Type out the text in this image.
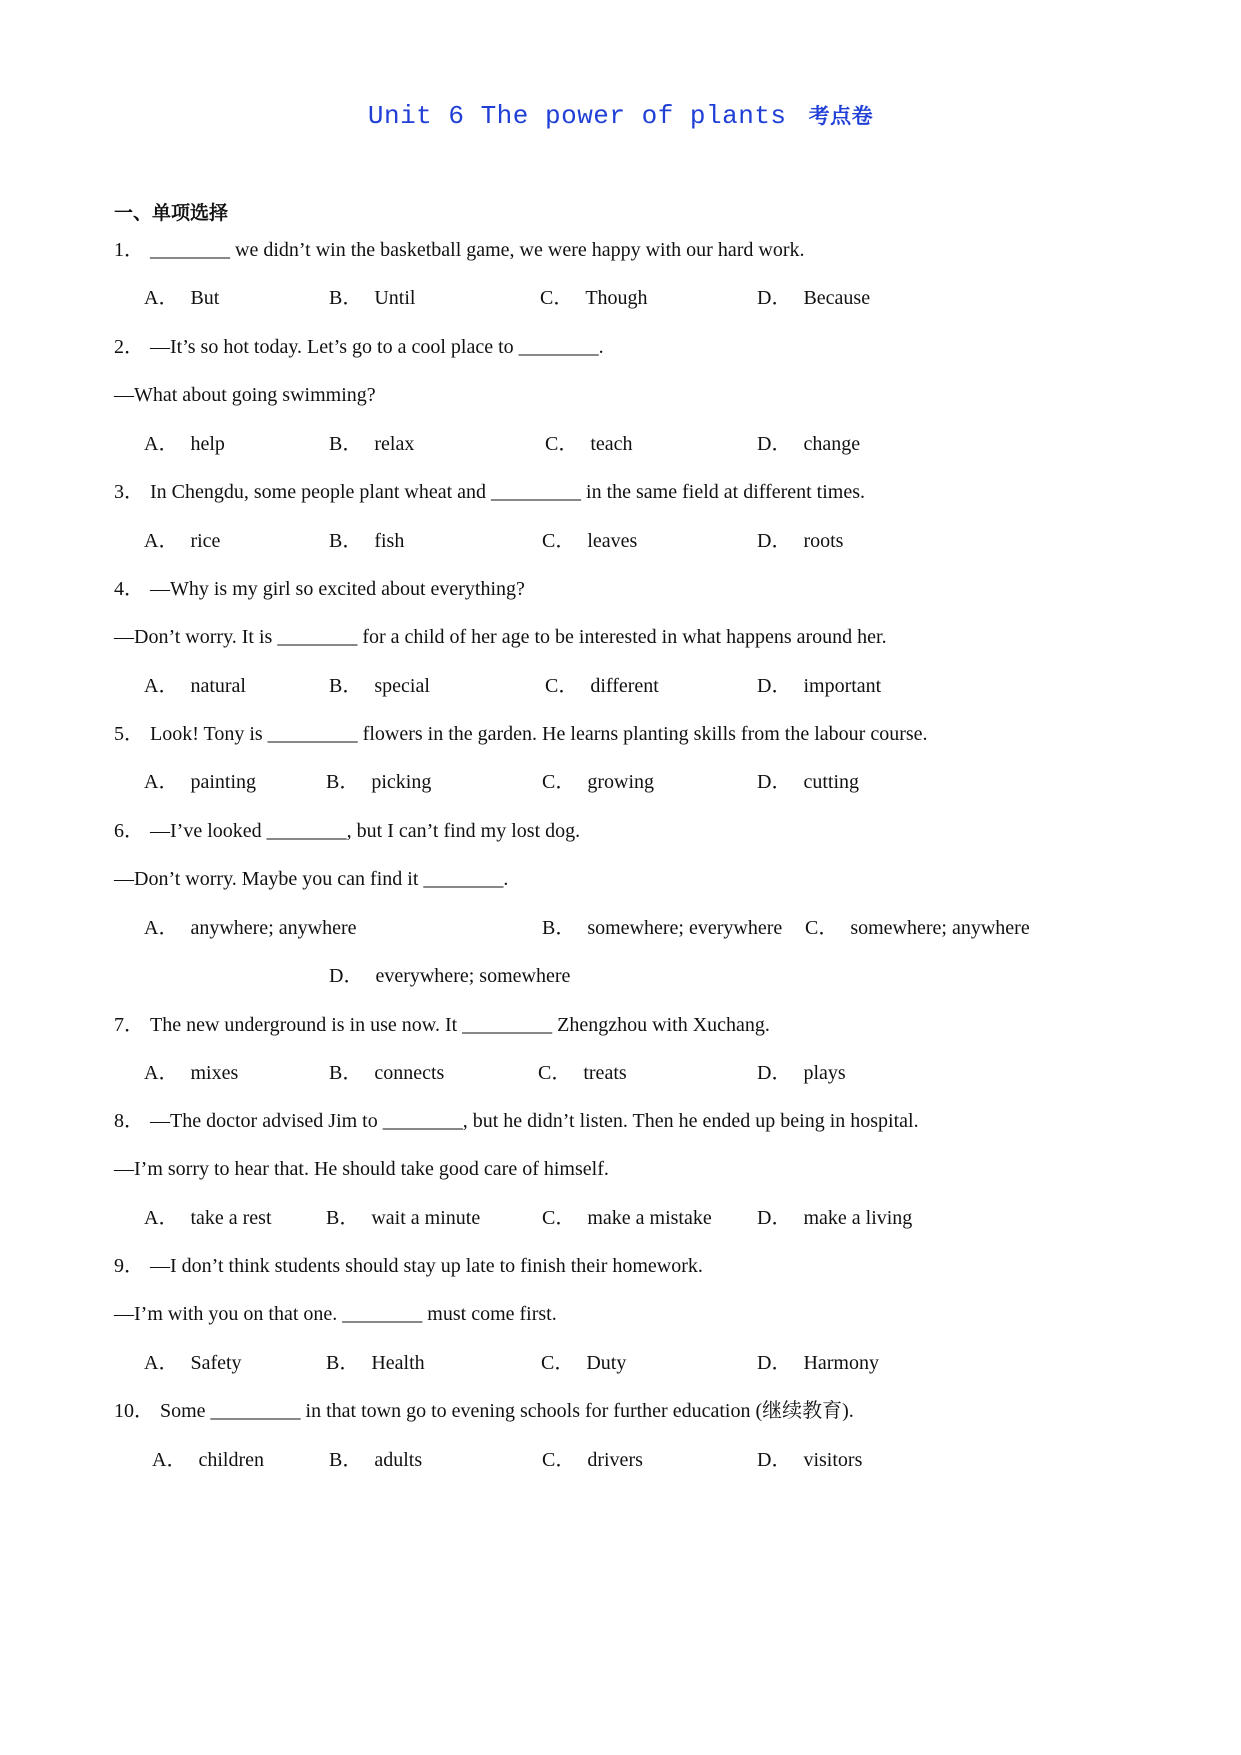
Unit 6 The power of plants 考点卷
一、单项选择
1． ________ we didn’t win the basketball game, we were happy with our hard work.
A． But	B． Until	C． Though	D． Because
2． —It’s so hot today. Let’s go to a cool place to ________.
—What about going swimming?
A． help	B． relax	C． teach	D． change
3． In Chengdu, some people plant wheat and _________ in the same field at different times.
A． rice	B． fish	C． leaves	D． roots
4． —Why is my girl so excited about everything?
—Don’t worry. It is ________ for a child of her age to be interested in what happens around her.
A． natural	B． special	C． different	D． important
5． Look! Tony is _________ flowers in the garden. He learns planting skills from the labour course.
A． painting	B． picking	C． growing	D． cutting
6． —I’ve looked ________, but I can’t find my lost dog.
—Don’t worry. Maybe you can find it ________.
A． anywhere; anywhere	B． somewhere; everywhere C． somewhere; anywhere
D． everywhere; somewhere
7． The new underground is in use now. It _________ Zhengzhou with Xuchang.
A． mixes	B． connects	C． treats	D． plays
8． —The doctor advised Jim to ________, but he didn’t listen. Then he ended up being in hospital.
—I’m sorry to hear that. He should take good care of himself.
A． take a rest	B． wait a minute	C． make a mistake D． make a living
9． —I don’t think students should stay up late to finish their homework.
—I’m with you on that one. ________ must come first.
A． Safety	B． Health	C． Duty	D． Harmony
10． Some _________ in that town go to evening schools for further education (继续教育).
A． children	B． adults	C． drivers	D． visitors
